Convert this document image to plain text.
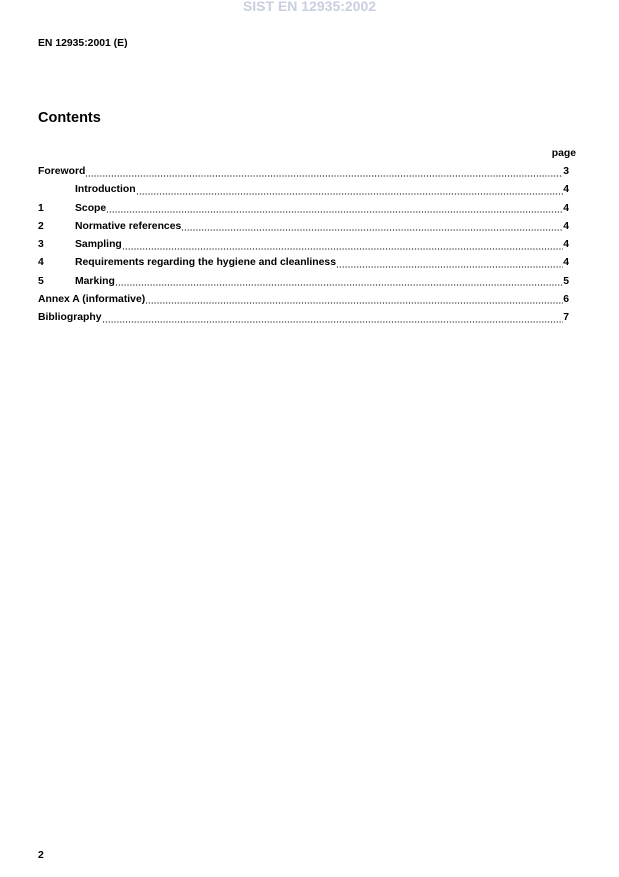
SIST EN 12935:2002
EN 12935:2001 (E)
Contents
page
Foreword	3
Introduction	4
1	Scope	4
2	Normative references	4
3	Sampling	4
4	Requirements regarding the hygiene and cleanliness	4
5	Marking	5
Annex A (informative)	6
Bibliography	7
2
